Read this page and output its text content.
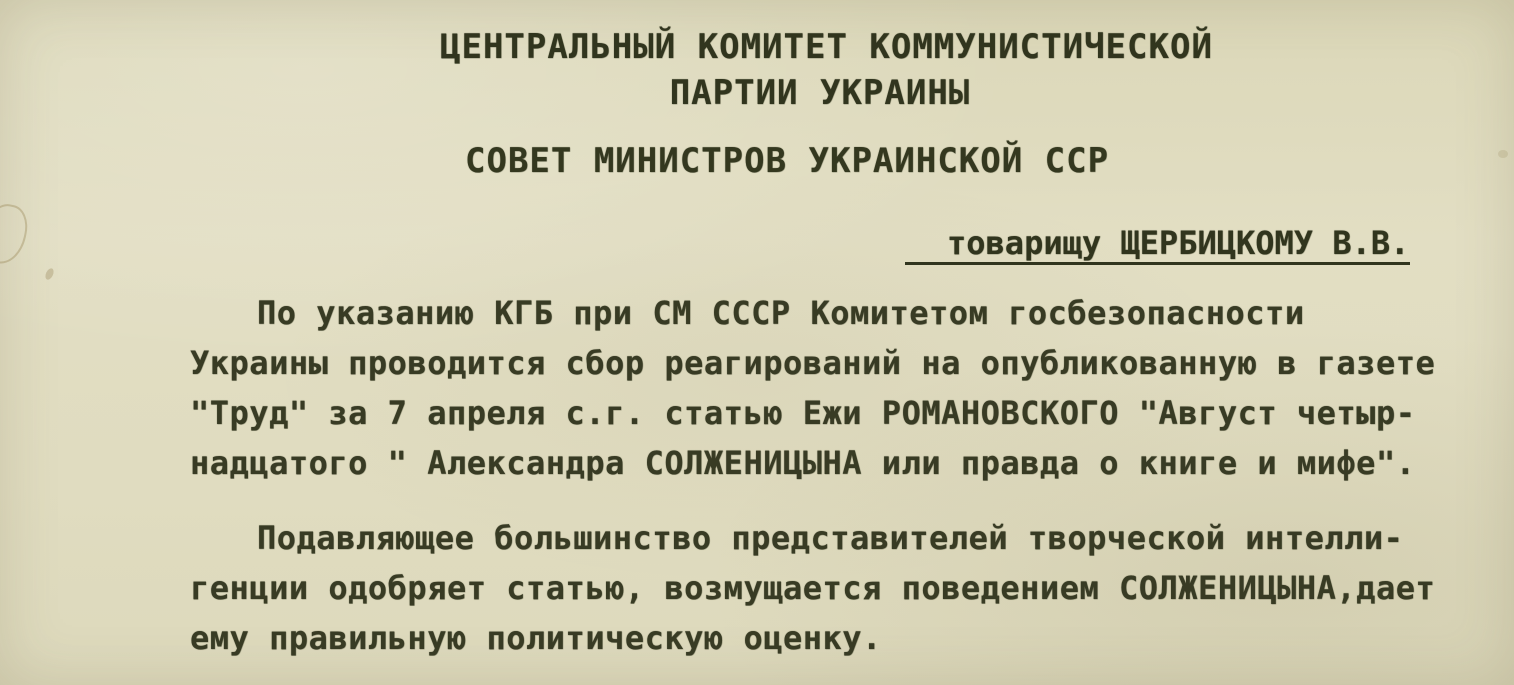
ЦЕНТРАЛЬНЫЙ КОМИТЕТ КОММУНИСТИЧЕСКОЙ
ПАРТИИ УКРАИНЫ
СОВЕТ МИНИСТРОВ УКРАИНСКОЙ ССР
товарищу ЩЕРБИЦКОМУ В.В.
По указанию КГБ при СМ СССР Комитетом госбезопасности
Украины проводится сбор реагирований на опубликованную в газете
"Труд" за 7 апреля с.г. статью Ежи РОМАНОВСКОГО "Август четыр-
надцатого " Александра СОЛЖЕНИЦЫНА или правда о книге и мифе".
Подавляющее большинство представителей творческой интелли-
генции одобряет статью, возмущается поведением СОЛЖЕНИЦЫНА,дает
ему правильную политическую оценку.
